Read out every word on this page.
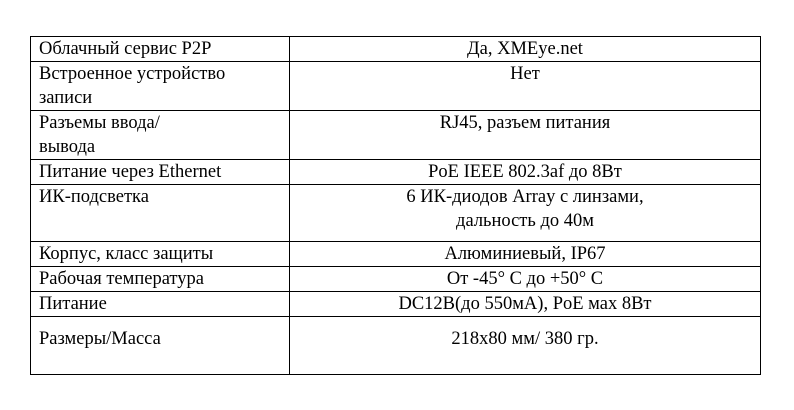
Облачный сервис P2P	Да, XMEye.net

Встроенное устройство записи	Нет

Разъемы ввода/ вывода	RJ45, разъем питания

Питание через Ethernet	PoE IEEE 802.3af до 8Вт

ИК-подсветка	6 ИК-диодов Array с линзами, дальность до 40м

Корпус, класс защиты	Алюминиевый, IP67

Рабочая температура	От -45° С до +50° С

Питание	DC12В(до 550мА), PoE мах 8Вт

Размеры/Масса	218х80 мм/ 380 гр.
